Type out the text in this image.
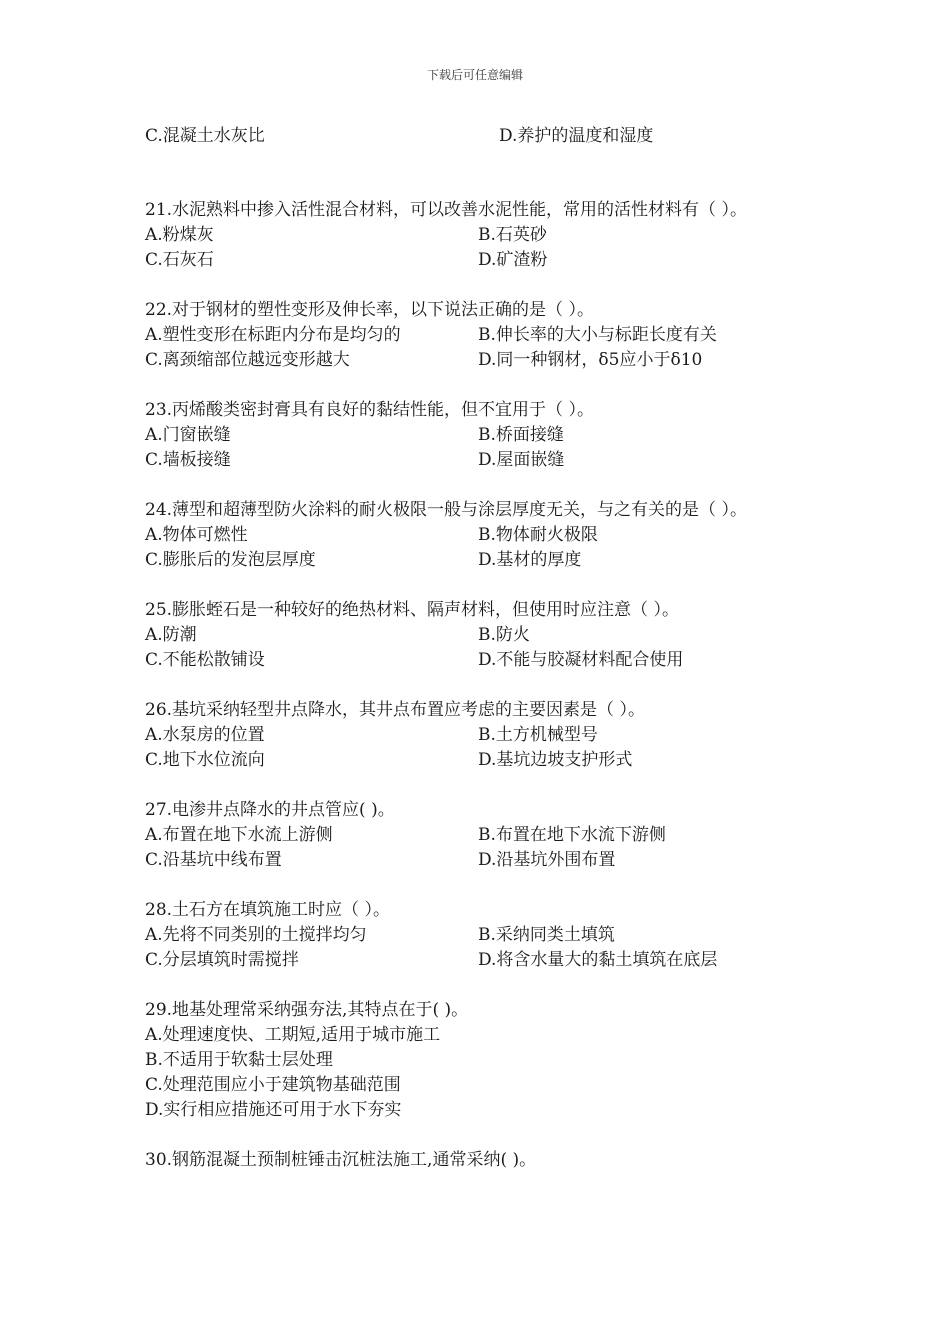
下载后可任意编辑
C.混凝土水灰比	D.养护的温度和湿度
21.水泥熟料中掺入活性混合材料，可以改善水泥性能，常用的活性材料有（ ）。
A.粉煤灰	B.石英砂
C.石灰石	D.矿渣粉
22.对于钢材的塑性变形及伸长率，以下说法正确的是（ ）。
A.塑性变形在标距内分布是均匀的	B.伸长率的大小与标距长度有关
C.离颈缩部位越远变形越大	D.同一种钢材，δ5应小于δ10
23.丙烯酸类密封膏具有良好的黏结性能，但不宜用于（ ）。
A.门窗嵌缝	B.桥面接缝
C.墙板接缝	D.屋面嵌缝
24.薄型和超薄型防火涂料的耐火极限一般与涂层厚度无关，与之有关的是（ ）。
A.物体可燃性	B.物体耐火极限
C.膨胀后的发泡层厚度	D.基材的厚度
25.膨胀蛭石是一种较好的绝热材料、隔声材料，但使用时应注意（ ）。
A.防潮	B.防火
C.不能松散铺设	D.不能与胶凝材料配合使用
26.基坑采纳轻型井点降水，其井点布置应考虑的主要因素是（ ）。
A.水泵房的位置	B.土方机械型号
C.地下水位流向	D.基坑边坡支护形式
27.电渗井点降水的井点管应( )。
A.布置在地下水流上游侧	B.布置在地下水流下游侧
C.沿基坑中线布置	D.沿基坑外围布置
28.土石方在填筑施工时应（ ）。
A.先将不同类别的土搅拌均匀	B.采纳同类土填筑
C.分层填筑时需搅拌	D.将含水量大的黏土填筑在底层
29.地基处理常采纳强夯法,其特点在于( )。
A.处理速度快、工期短,适用于城市施工
B.不适用于软黏士层处理
C.处理范围应小于建筑物基础范围
D.实行相应措施还可用于水下夯实
30.钢筋混凝土预制桩锤击沉桩法施工,通常采纳( )。
